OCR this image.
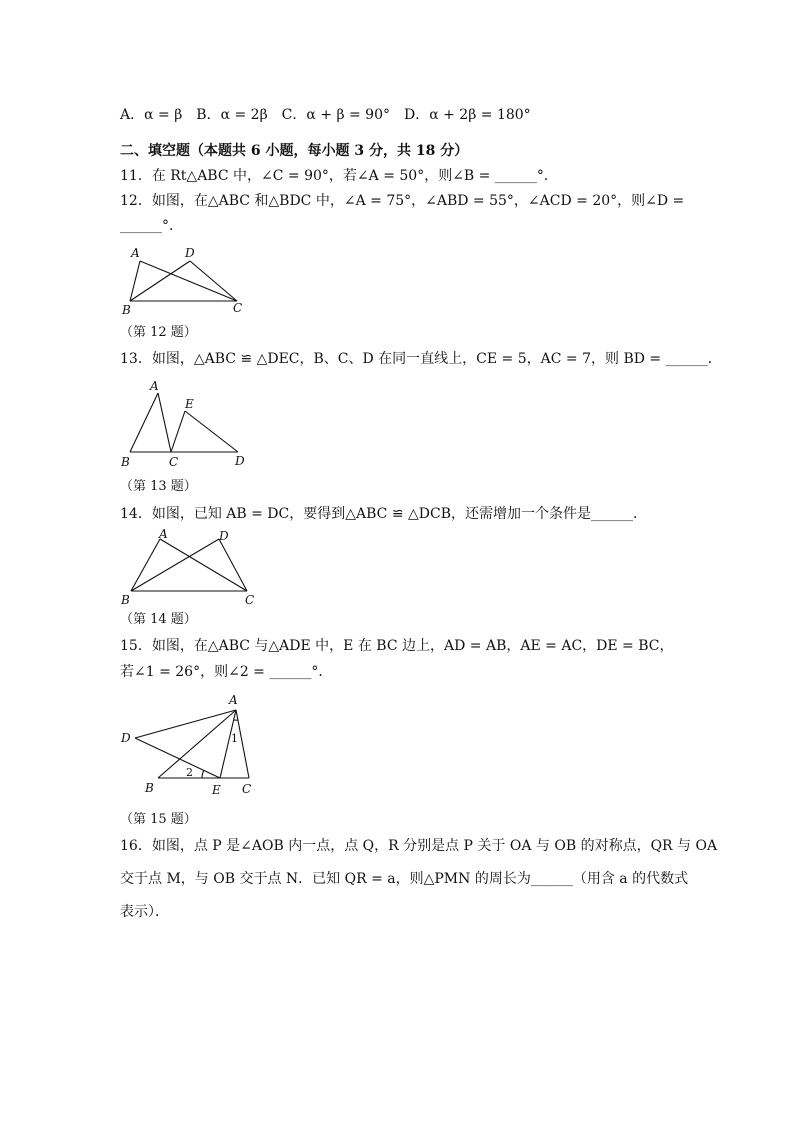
A．α = β　B．α = 2β　C．α + β = 90°　D．α + 2β = 180°
二、填空题（本题共 6 小题，每小题 3 分，共 18 分）
11．在 Rt△ABC 中，∠C = 90°，若∠A = 50°，则∠B = ______°．
12．如图，在△ABC 和△BDC 中，∠A = 75°，∠ABD = 55°，∠ACD = 20°，则∠D =
______°．
A	D
B	C
（第 12 题）
13．如图，△ABC ≌ △DEC，B、C、D 在同一直线上，CE = 5，AC = 7，则 BD = ______．
A
E
B	C	D
（第 13 题）
14．如图，已知 AB = DC，要得到△ABC ≌ △DCB，还需增加一个条件是______．
A	D
B	C
（第 14 题）
15．如图，在△ABC 与△ADE 中，E 在 BC 边上，AD = AB，AE = AC，DE = BC，
若∠1 = 26°，则∠2 = ______°．
A
D
B	E C
1
2
（第 15 题）
16．如图，点 P 是∠AOB 内一点，点 Q，R 分别是点 P 关于 OA 与 OB 的对称点，QR 与 OA
交于点 M，与 OB 交于点 N．已知 QR = a，则△PMN 的周长为______（用含 a 的代数式
表示）．
